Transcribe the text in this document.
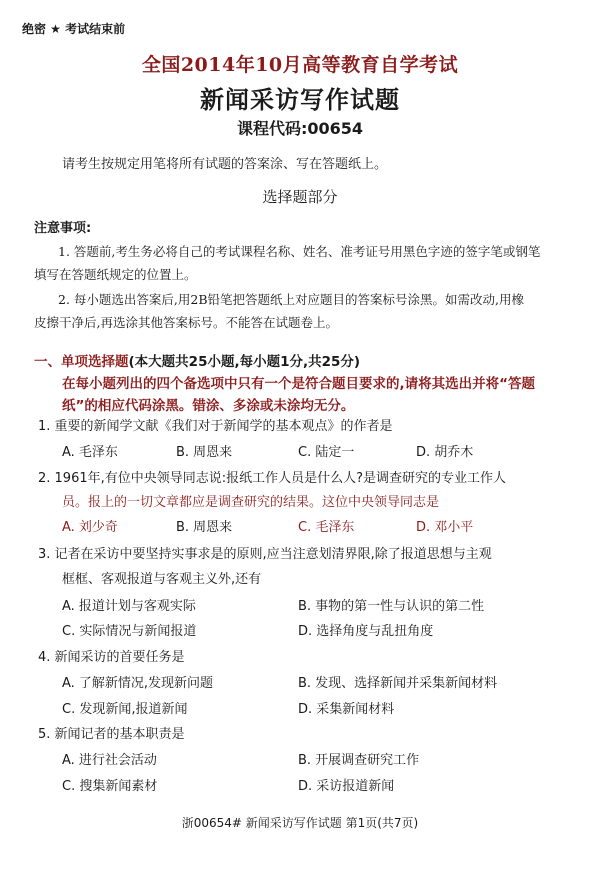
绝密 ★ 考试结束前
全国2014年10月高等教育自学考试
新闻采访写作试题
课程代码:00654
请考生按规定用笔将所有试题的答案涂、写在答题纸上。
选择题部分
注意事项:
1. 答题前,考生务必将自己的考试课程名称、姓名、准考证号用黑色字迹的签字笔或钢笔
填写在答题纸规定的位置上。
2. 每小题选出答案后,用2B铅笔把答题纸上对应题目的答案标号涂黑。如需改动,用橡
皮擦干净后,再选涂其他答案标号。不能答在试题卷上。
一、单项选择题(本大题共25小题,每小题1分,共25分)
在每小题列出的四个备选项中只有一个是符合题目要求的,请将其选出并将“答题
纸”的相应代码涂黑。错涂、多涂或未涂均无分。
1. 重要的新闻学文献《我们对于新闻学的基本观点》的作者是
A. 毛泽东	B. 周恩来	C. 陆定一	D. 胡乔木
2. 1961年,有位中央领导同志说:报纸工作人员是什么人?是调查研究的专业工作人
员。报上的一切文章都应是调查研究的结果。这位中央领导同志是
A. 刘少奇	B. 周恩来	C. 毛泽东	D. 邓小平
3. 记者在采访中要坚持实事求是的原则,应当注意划清界限,除了报道思想与主观
框框、客观报道与客观主义外,还有
A. 报道计划与客观实际	B. 事物的第一性与认识的第二性
C. 实际情况与新闻报道	D. 选择角度与乱扭角度
4. 新闻采访的首要任务是
A. 了解新情况,发现新问题	B. 发现、选择新闻并采集新闻材料
C. 发现新闻,报道新闻	D. 采集新闻材料
5. 新闻记者的基本职责是
A. 进行社会活动	B. 开展调查研究工作
C. 搜集新闻素材	D. 采访报道新闻
浙00654# 新闻采访写作试题 第1页(共7页)
